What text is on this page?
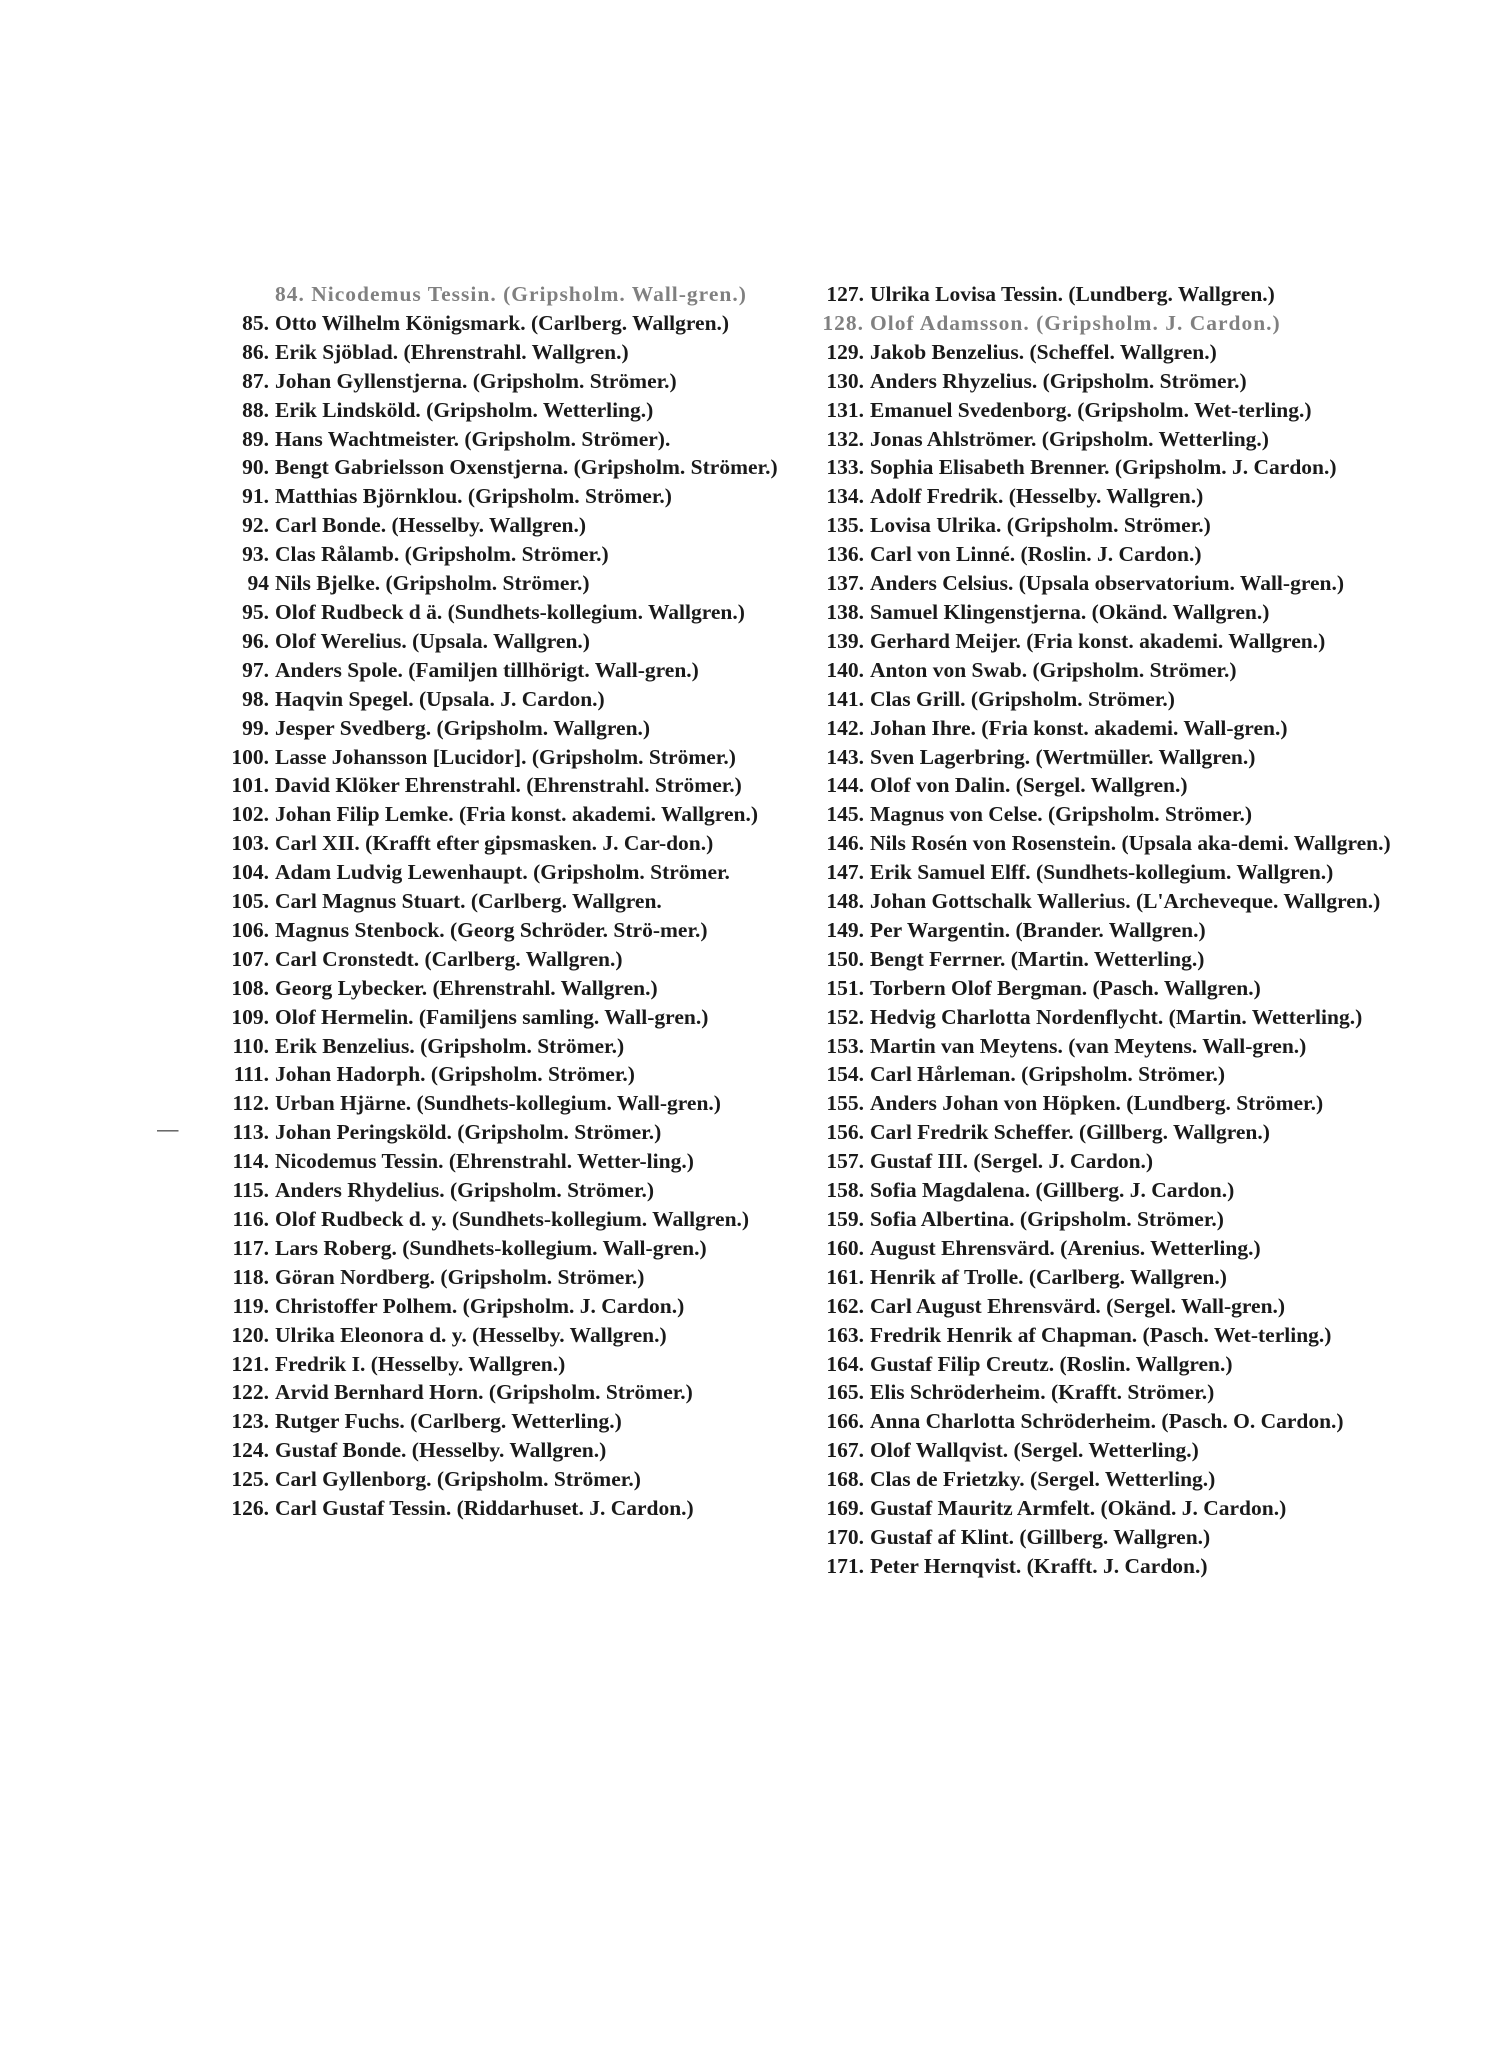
84. Nicodemus Tessin. (Gripsholm. Wall-gren.)
85. Otto Wilhelm Königsmark. (Carlberg. Wallgren.)
86. Erik Sjöblad. (Ehrenstrahl. Wallgren.)
87. Johan Gyllenstjerna. (Gripsholm. Strömer.)
88. Erik Lindsköld. (Gripsholm. Wetterling.)
89. Hans Wachtmeister. (Gripsholm. Strömer).
90. Bengt Gabrielsson Oxenstjerna. (Gripsholm. Strömer.)
91. Matthias Björnklou. (Gripsholm. Strömer.)
92. Carl Bonde. (Hesselby. Wallgren.)
93. Clas Rålamb. (Gripsholm. Strömer.)
94 Nils Bjelke. (Gripsholm. Strömer.)
95. Olof Rudbeck d ä. (Sundhets-kollegium. Wallgren.)
96. Olof Werelius. (Upsala. Wallgren.)
97. Anders Spole. (Familjen tillhörigt. Wall-gren.)
98. Haqvin Spegel. (Upsala. J. Cardon.)
99. Jesper Svedberg. (Gripsholm. Wallgren.)
100. Lasse Johansson [Lucidor]. (Gripsholm. Strömer.)
101. David Klöker Ehrenstrahl. (Ehrenstrahl. Strömer.)
102. Johan Filip Lemke. (Fria konst. akademi. Wallgren.)
103. Carl XII. (Krafft efter gipsmasken. J. Car-don.)
104. Adam Ludvig Lewenhaupt. (Gripsholm. Strömer.
105. Carl Magnus Stuart. (Carlberg. Wallgren.
106. Magnus Stenbock. (Georg Schröder. Strö-mer.)
107. Carl Cronstedt. (Carlberg. Wallgren.)
108. Georg Lybecker. (Ehrenstrahl. Wallgren.)
109. Olof Hermelin. (Familjens samling. Wall-gren.)
110. Erik Benzelius. (Gripsholm. Strömer.)
111. Johan Hadorph. (Gripsholm. Strömer.)
112. Urban Hjärne. (Sundhets-kollegium. Wall-gren.)
113. Johan Peringsköld. (Gripsholm. Strömer.)
114. Nicodemus Tessin. (Ehrenstrahl. Wetter-ling.)
115. Anders Rhydelius. (Gripsholm. Strömer.)
116. Olof Rudbeck d. y. (Sundhets-kollegium. Wallgren.)
117. Lars Roberg. (Sundhets-kollegium. Wall-gren.)
118. Göran Nordberg. (Gripsholm. Strömer.)
119. Christoffer Polhem. (Gripsholm. J. Cardon.)
120. Ulrika Eleonora d. y. (Hesselby. Wallgren.)
121. Fredrik I. (Hesselby. Wallgren.)
122. Arvid Bernhard Horn. (Gripsholm. Strömer.)
123. Rutger Fuchs. (Carlberg. Wetterling.)
124. Gustaf Bonde. (Hesselby. Wallgren.)
125. Carl Gyllenborg. (Gripsholm. Strömer.)
126. Carl Gustaf Tessin. (Riddarhuset. J. Cardon.)
127. Ulrika Lovisa Tessin. (Lundberg. Wallgren.)
128. Olof Adamsson. (Gripsholm. J. Cardon.)
129. Jakob Benzelius. (Scheffel. Wallgren.)
130. Anders Rhyzelius. (Gripsholm. Strömer.)
131. Emanuel Svedenborg. (Gripsholm. Wet-terling.)
132. Jonas Ahlströmer. (Gripsholm. Wetterling.)
133. Sophia Elisabeth Brenner. (Gripsholm. J. Cardon.)
134. Adolf Fredrik. (Hesselby. Wallgren.)
135. Lovisa Ulrika. (Gripsholm. Strömer.)
136. Carl von Linné. (Roslin. J. Cardon.)
137. Anders Celsius. (Upsala observatorium. Wall-gren.)
138. Samuel Klingenstjerna. (Okänd. Wallgren.)
139. Gerhard Meijer. (Fria konst. akademi. Wallgren.)
140. Anton von Swab. (Gripsholm. Strömer.)
141. Clas Grill. (Gripsholm. Strömer.)
142. Johan Ihre. (Fria konst. akademi. Wall-gren.)
143. Sven Lagerbring. (Wertmüller. Wallgren.)
144. Olof von Dalin. (Sergel. Wallgren.)
145. Magnus von Celse. (Gripsholm. Strömer.)
146. Nils Rosén von Rosenstein. (Upsala aka-demi. Wallgren.)
147. Erik Samuel Elff. (Sundhets-kollegium. Wallgren.)
148. Johan Gottschalk Wallerius. (L'Archeveque. Wallgren.)
149. Per Wargentin. (Brander. Wallgren.)
150. Bengt Ferrner. (Martin. Wetterling.)
151. Torbern Olof Bergman. (Pasch. Wallgren.)
152. Hedvig Charlotta Nordenflycht. (Martin. Wetterling.)
153. Martin van Meytens. (van Meytens. Wall-gren.)
154. Carl Hårleman. (Gripsholm. Strömer.)
155. Anders Johan von Höpken. (Lundberg. Strömer.)
156. Carl Fredrik Scheffer. (Gillberg. Wallgren.)
157. Gustaf III. (Sergel. J. Cardon.)
158. Sofia Magdalena. (Gillberg. J. Cardon.)
159. Sofia Albertina. (Gripsholm. Strömer.)
160. August Ehrensvärd. (Arenius. Wetterling.)
161. Henrik af Trolle. (Carlberg. Wallgren.)
162. Carl August Ehrensvärd. (Sergel. Wall-gren.)
163. Fredrik Henrik af Chapman. (Pasch. Wet-terling.)
164. Gustaf Filip Creutz. (Roslin. Wallgren.)
165. Elis Schröderheim. (Krafft. Strömer.)
166. Anna Charlotta Schröderheim. (Pasch. O. Cardon.)
167. Olof Wallqvist. (Sergel. Wetterling.)
168. Clas de Frietzky. (Sergel. Wetterling.)
169. Gustaf Mauritz Armfelt. (Okänd. J. Cardon.)
170. Gustaf af Klint. (Gillberg. Wallgren.)
171. Peter Hernqvist. (Krafft. J. Cardon.)
—
